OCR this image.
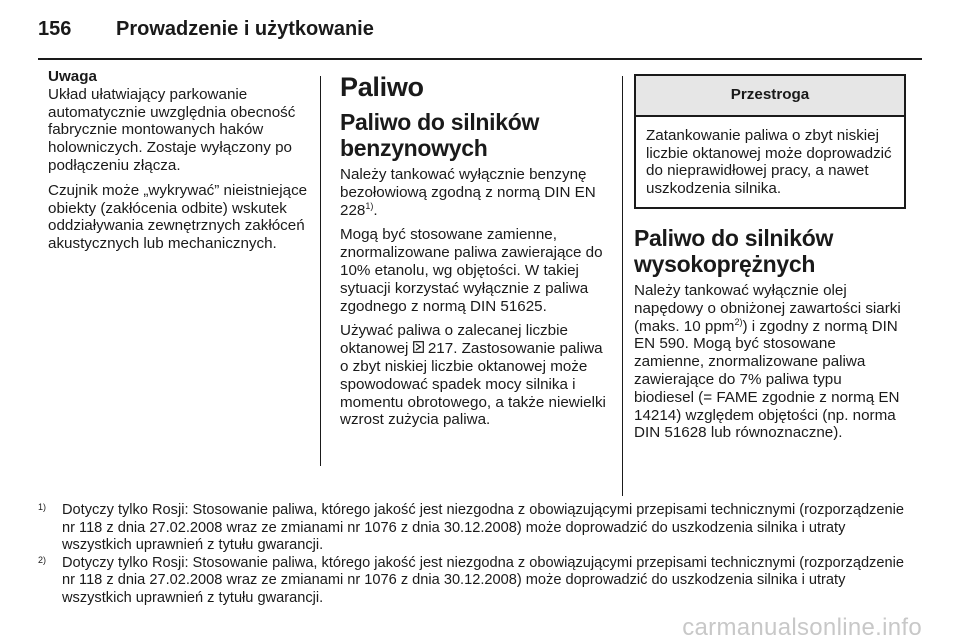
156 Prowadzenie i użytkowanie

Uwaga
Układ ułatwiający parkowanie automatycznie uwzględnia obecność fabrycznie montowanych haków holowniczych. Zostaje wyłączony po podłączeniu złącza.

Czujnik może „wykrywać” nieistniejące obiekty (zakłócenia odbite) wskutek oddziaływania zewnętrznych zakłóceń akustycznych lub mechanicznych.

Paliwo
Paliwo do silników benzynowych

Należy tankować wyłącznie benzynę bezołowiową zgodną z normą DIN EN 228$^{1)}$.

Mogą być stosowane zamienne, znormalizowane paliwa zawierające do 10% etanolu, wg objętości. W takiej sytuacji korzystać wyłącznie z paliwa zgodnego z normą DIN 51625.

Używać paliwa o zalecanej liczbie oktanowej  217. Zastosowanie paliwa o zbyt niskiej liczbie oktanowej może spowodować spadek mocy silnika i momentu obrotowego, a także niewielki wzrost zużycia paliwa.

Przestroga
Zatankowanie paliwa o zbyt niskiej liczbie oktanowej może doprowadzić do nieprawidłowej pracy, a nawet uszkodzenia silnika.
Paliwo do silników wysokoprężnych

Należy tankować wyłącznie olej napędowy o obniżonej zawartości siarki (maks. 10 ppm$^{2)}$) i zgodny z normą DIN EN 590. Mogą być stosowane zamienne, znormalizowane paliwa zawierające do 7% paliwa typu biodiesel (= FAME zgodnie z normą EN 14214) względem objętości (np. norma DIN 51628 lub równoznaczne).

1) Dotyczy tylko Rosji: Stosowanie paliwa, którego jakość jest niezgodna z obowiązującymi przepisami technicznymi (rozporządzenie nr 118 z dnia 27.02.2008 wraz ze zmianami nr 1076 z dnia 30.12.2008) może doprowadzić do uszkodzenia silnika i utraty wszystkich uprawnień z tytułu gwarancji.
2) Dotyczy tylko Rosji: Stosowanie paliwa, którego jakość jest niezgodna z obowiązującymi przepisami technicznymi (rozporządzenie nr 118 z dnia 27.02.2008 wraz ze zmianami nr 1076 z dnia 30.12.2008) może doprowadzić do uszkodzenia silnika i utraty wszystkich uprawnień z tytułu gwarancji.
carmanualsonline.info
